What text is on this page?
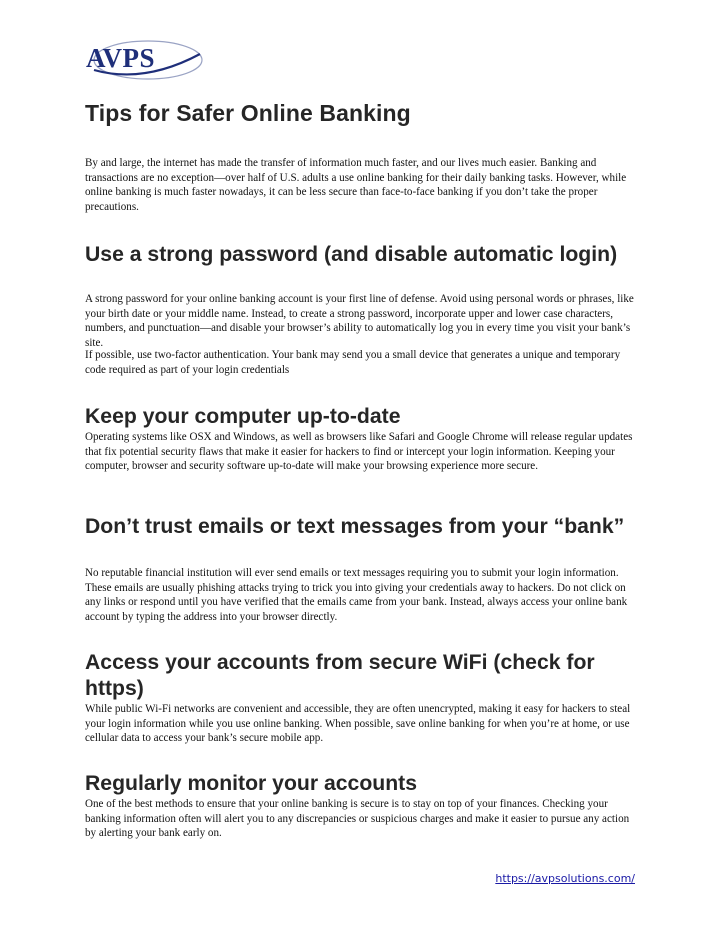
AVPS
Tips for Safer Online Banking

By and large, the internet has made the transfer of information much faster, and our lives much easier. Banking and transactions are no exception—over half of U.S. adults a use online banking for their daily banking tasks. However, while online banking is much faster nowadays, it can be less secure than face-to-face banking if you don’t take the proper precautions.

Use a strong password (and disable automatic login)

A strong password for your online banking account is your first line of defense. Avoid using personal words or phrases, like your birth date or your middle name. Instead, to create a strong password, incorporate upper and lower case characters, numbers, and punctuation—and disable your browser’s ability to automatically log you in every time you visit your bank’s site.

If possible, use two-factor authentication. Your bank may send you a small device that generates a unique and temporary code required as part of your login credentials

Keep your computer up-to-date

Operating systems like OSX and Windows, as well as browsers like Safari and Google Chrome will release regular updates that fix potential security flaws that make it easier for hackers to find or intercept your login information. Keeping your computer, browser and security software up-to-date will make your browsing experience more secure.

Don’t trust emails or text messages from your “bank”

No reputable financial institution will ever send emails or text messages requiring you to submit your login information. These emails are usually phishing attacks trying to trick you into giving your credentials away to hackers. Do not click on any links or respond until you have verified that the emails came from your bank. Instead, always access your online bank account by typing the address into your browser directly.

Access your accounts from secure WiFi (check for https)

While public Wi-Fi networks are convenient and accessible, they are often unencrypted, making it easy for hackers to steal your login information while you use online banking. When possible, save online banking for when you’re at home, or use cellular data to access your bank’s secure mobile app.

Regularly monitor your accounts

One of the best methods to ensure that your online banking is secure is to stay on top of your finances. Checking your banking information often will alert you to any discrepancies or suspicious charges and make it easier to pursue any action by alerting your bank early on.

https://avpsolutions.com/
